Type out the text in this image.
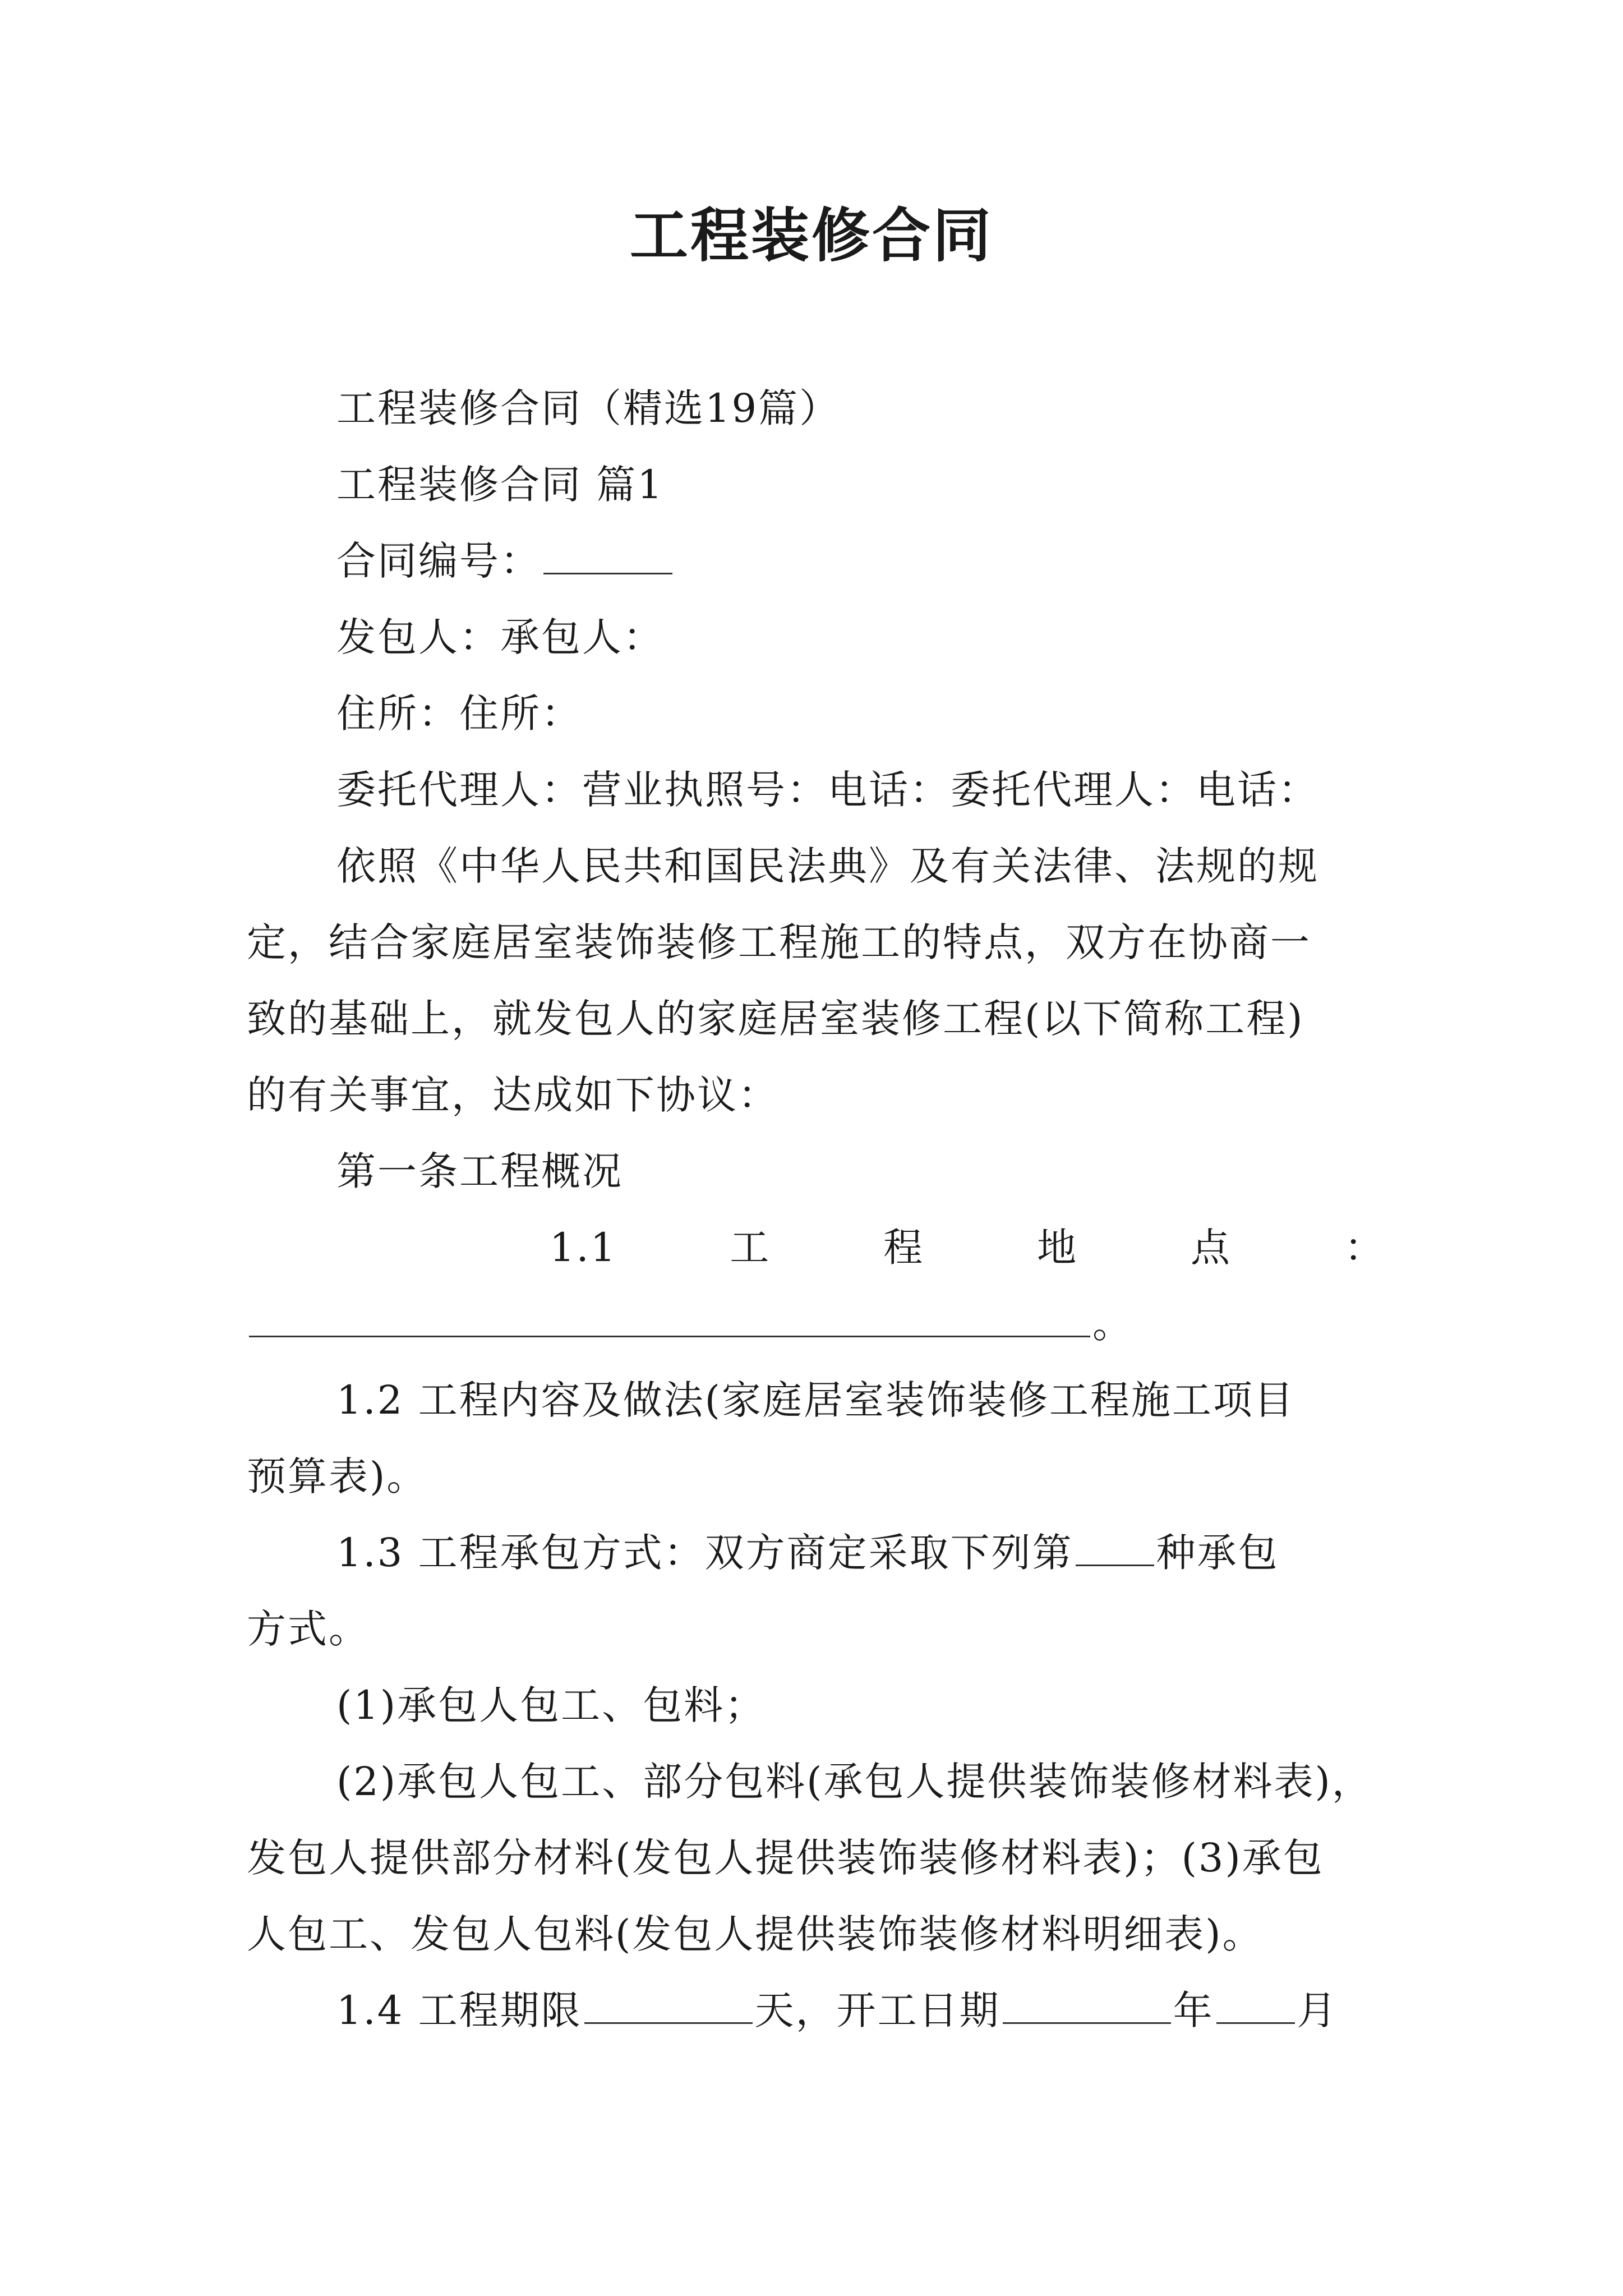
工程装修合同
工程装修合同（精选19篇）
工程装修合同 篇1
合同编号：
发包人：承包人：
住所：住所：
委托代理人：营业执照号：电话：委托代理人：电话：
依照《中华人民共和国民法典》及有关法律、法规的规
定，结合家庭居室装饰装修工程施工的特点，双方在协商一
致的基础上，就发包人的家庭居室装修工程(以下简称工程)
的有关事宜，达成如下协议：
第一条工程概况
1.1	工	程	地	点	：
。
1.2 工程内容及做法(家庭居室装饰装修工程施工项目
预算表)。
1.3 工程承包方式：双方商定采取下列第 种承包
方式。
(1)承包人包工、包料；
(2)承包人包工、部分包料(承包人提供装饰装修材料表)，
发包人提供部分材料(发包人提供装饰装修材料表)；(3)承包
人包工、发包人包料(发包人提供装饰装修材料明细表)。
1.4 工程期限	天，开工日期	年 月
